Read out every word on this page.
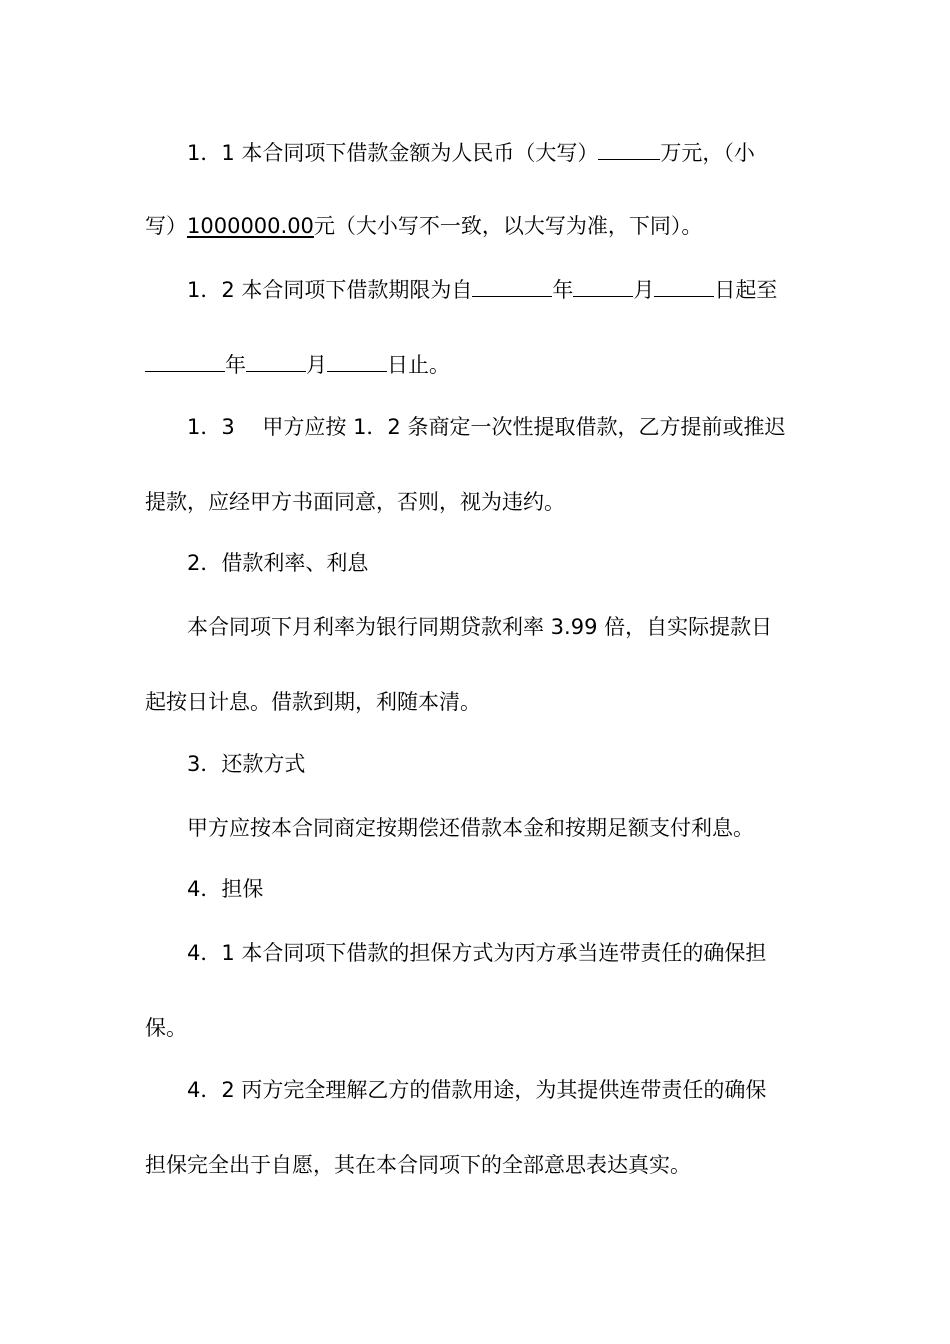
1．1 本合同项下借款金额为人民币（大写）	万元，（小
写）1000000.00元（大小写不一致，以大写为准，下同）。
1．2 本合同项下借款期限为自	年	月	日起至
年	月	日止。
1．3　 甲方应按 1．2 条商定一次性提取借款，乙方提前或推迟
提款，应经甲方书面同意，否则，视为违约。
2．借款利率、利息
本合同项下月利率为银行同期贷款利率 3.99 倍，自实际提款日
起按日计息。借款到期，利随本清。
3．还款方式
甲方应按本合同商定按期偿还借款本金和按期足额支付利息。
4．担保
4．1 本合同项下借款的担保方式为丙方承当连带责任的确保担
保。
4．2 丙方完全理解乙方的借款用途，为其提供连带责任的确保
担保完全出于自愿，其在本合同项下的全部意思表达真实。
